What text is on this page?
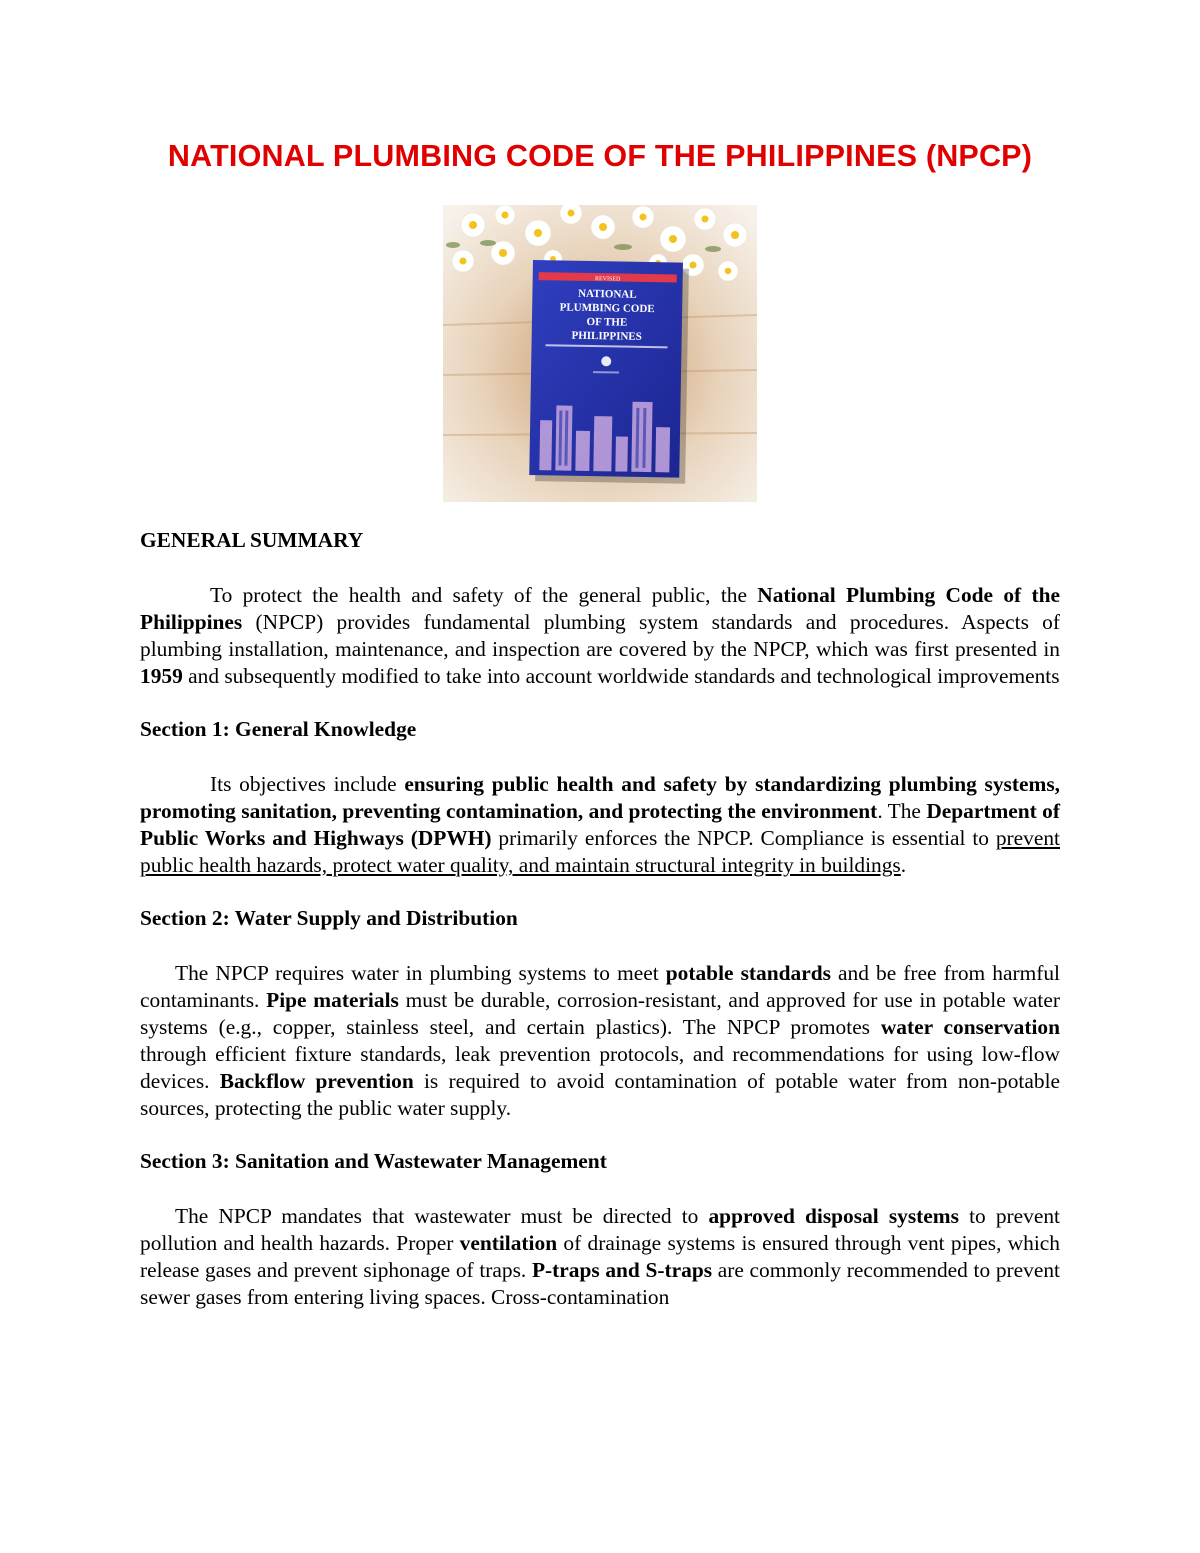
NATIONAL PLUMBING CODE OF THE PHILIPPINES (NPCP)
REVISED
NATIONAL
PLUMBING CODE
OF THE
PHILIPPINES
GENERAL SUMMARY

To protect the health and safety of the general public, the National Plumbing Code of the Philippines (NPCP) provides fundamental plumbing system standards and procedures. Aspects of plumbing installation, maintenance, and inspection are covered by the NPCP, which was first presented in 1959 and subsequently modified to take into account worldwide standards and technological improvements

Section 1: General Knowledge

Its objectives include ensuring public health and safety by standardizing plumbing systems, promoting sanitation, preventing contamination, and protecting the environment. The Department of Public Works and Highways (DPWH) primarily enforces the NPCP. Compliance is essential to prevent public health hazards, protect water quality, and maintain structural integrity in buildings.

Section 2: Water Supply and Distribution

The NPCP requires water in plumbing systems to meet potable standards and be free from harmful contaminants. Pipe materials must be durable, corrosion-resistant, and approved for use in potable water systems (e.g., copper, stainless steel, and certain plastics). The NPCP promotes water conservation through efficient fixture standards, leak prevention protocols, and recommendations for using low-flow devices. Backflow prevention is required to avoid contamination of potable water from non-potable sources, protecting the public water supply.

Section 3: Sanitation and Wastewater Management

The NPCP mandates that wastewater must be directed to approved disposal systems to prevent pollution and health hazards. Proper ventilation of drainage systems is ensured through vent pipes, which release gases and prevent siphonage of traps. P-traps and S-traps are commonly recommended to prevent sewer gases from entering living spaces. Cross-contamination
